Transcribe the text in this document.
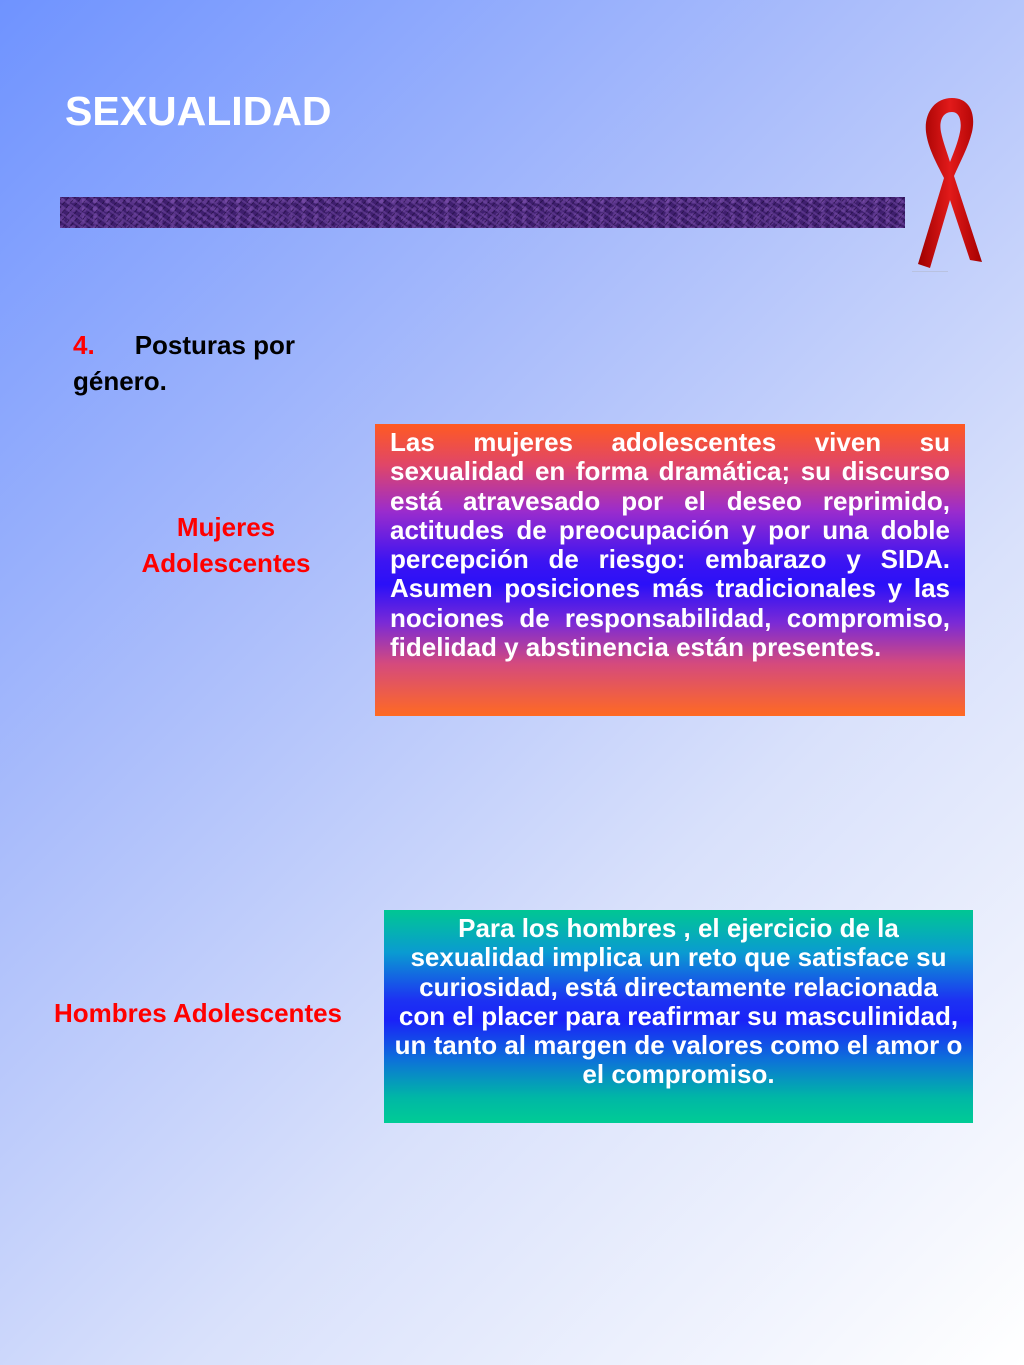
SEXUALIDAD
4. Posturas por género.
Mujeres Adolescentes
Las mujeres adolescentes viven su sexualidad en forma dramática; su discurso está atravesado por el deseo reprimido, actitudes de preocupación y por una doble percepción de riesgo: embarazo y SIDA. Asumen posiciones más tradicionales y las nociones de responsabilidad, compromiso, fidelidad y abstinencia están presentes.
Hombres Adolescentes
Para los hombres , el ejercicio de la sexualidad implica un reto que satisface su curiosidad, está directamente relacionada con el placer para reafirmar su masculinidad, un tanto al margen de valores como el amor o el compromiso.
